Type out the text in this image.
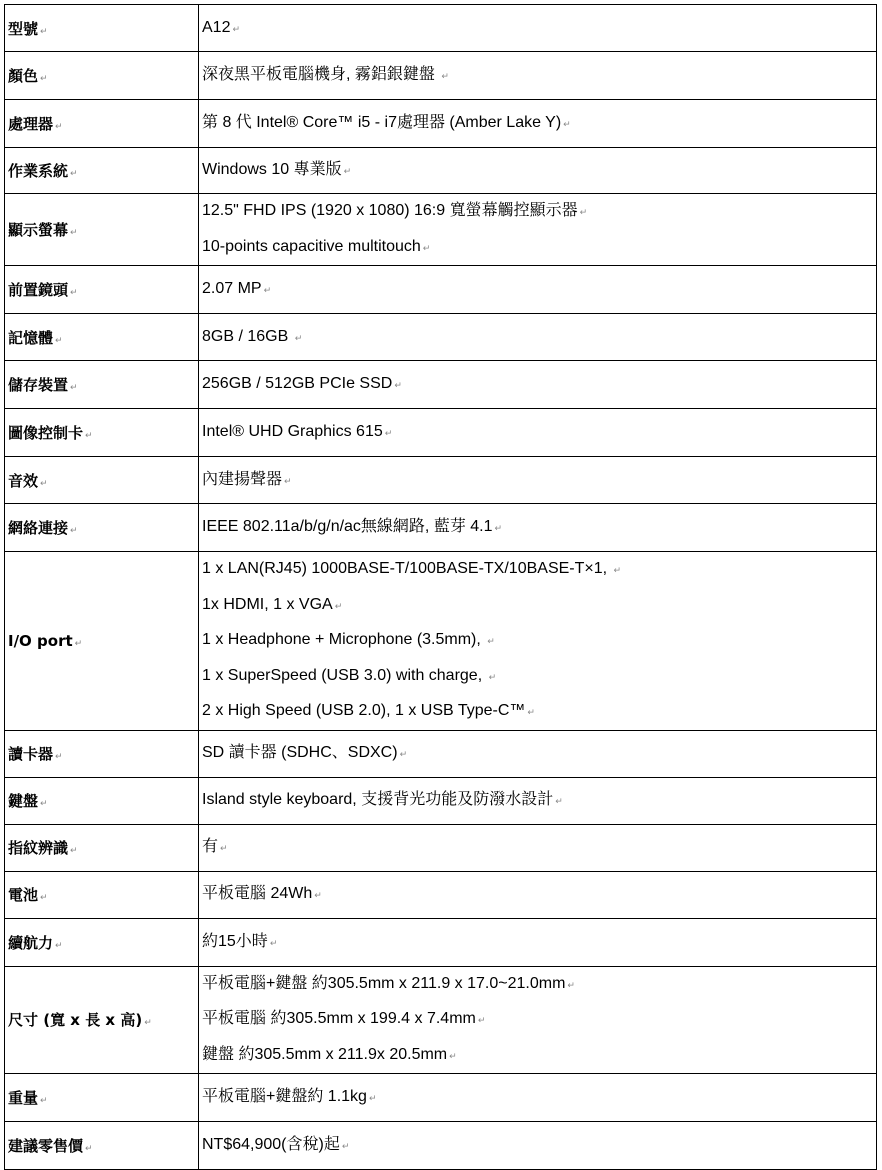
型號 ↵	A12 ↵

顏色 ↵	深夜黑平板電腦機身, 霧鋁銀鍵盤 ↵

處理器 ↵	第 8 代 Intel® Core™ i5 - i7處理器 (Amber Lake Y) ↵

作業系統 ↵	Windows 10 專業版 ↵

顯示螢幕 ↵	12.5" FHD IPS (1920 x 1080) 16:9 寬螢幕觸控顯示器 ↵
10-points capacitive multitouch ↵

前置鏡頭 ↵	2.07 MP ↵

記憶體 ↵	8GB / 16GB ↵

儲存裝置 ↵	256GB / 512GB PCIe SSD ↵

圖像控制卡 ↵	Intel® UHD Graphics 615 ↵

音效 ↵	內建揚聲器 ↵

網絡連接 ↵	IEEE 802.11a/b/g/n/ac無線網路, 藍芽 4.1 ↵

I/O port ↵	1 x LAN(RJ45) 1000BASE-T/100BASE-TX/10BASE-T×1, ↵
1x HDMI, 1 x VGA ↵
1 x Headphone + Microphone (3.5mm), ↵
1 x SuperSpeed (USB 3.0) with charge, ↵
2 x High Speed (USB 2.0), 1 x USB Type-C™ ↵

讀卡器 ↵	SD 讀卡器 (SDHC、SDXC) ↵

鍵盤 ↵	Island style keyboard, 支援背光功能及防潑水設計 ↵

指紋辨識 ↵	有 ↵

電池 ↵	平板電腦 24Wh ↵

續航力 ↵	約15小時 ↵

尺寸 (寬 x 長 x 高) ↵	平板電腦+鍵盤 約305.5mm x 211.9 x 17.0~21.0mm ↵
平板電腦 約305.5mm x 199.4 x 7.4mm ↵
鍵盤 約305.5mm x 211.9x 20.5mm ↵

重量 ↵	平板電腦+鍵盤約 1.1kg ↵

建議零售價 ↵	NT$64,900(含稅)起 ↵
